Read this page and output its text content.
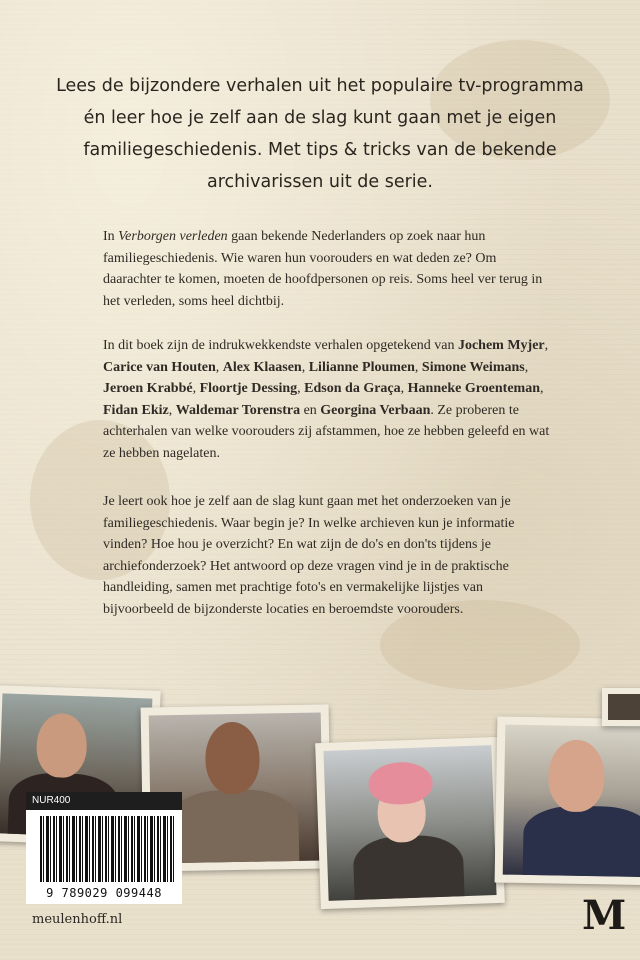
Lees de bijzondere verhalen uit het populaire tv-programma
én leer hoe je zelf aan de slag kunt gaan met je eigen
familiegeschiedenis. Met tips & tricks van de bekende
archivarissen uit de serie.
In Verborgen verleden gaan bekende Nederlanders op zoek naar hun familiegeschiedenis. Wie waren hun voorouders en wat deden ze? Om daarachter te komen, moeten de hoofdpersonen op reis. Soms heel ver terug in het verleden, soms heel dichtbij.
In dit boek zijn de indrukwekkendste verhalen opgetekend van Jochem Myjer, Carice van Houten, Alex Klaasen, Lilianne Ploumen, Simone Weimans, Jeroen Krabbé, Floortje Dessing, Edson da Graça, Hanneke Groenteman, Fidan Ekiz, Waldemar Torenstra en Georgina Verbaan. Ze proberen te achterhalen van welke voorouders zij afstammen, hoe ze hebben geleefd en wat ze hebben nagelaten.
Je leert ook hoe je zelf aan de slag kunt gaan met het onderzoeken van je familiegeschiedenis. Waar begin je? In welke archieven kun je informatie vinden? Hoe hou je overzicht? En wat zijn de do's en don'ts tijdens je archiefonderzoek? Het antwoord op deze vragen vind je in de praktische handleiding, samen met prachtige foto's en vermakelijke lijstjes van bijvoorbeeld de bijzonderste locaties en beroemdste voorouders.
NUR400
9 789029 099448
meulenhoff.nl	M
